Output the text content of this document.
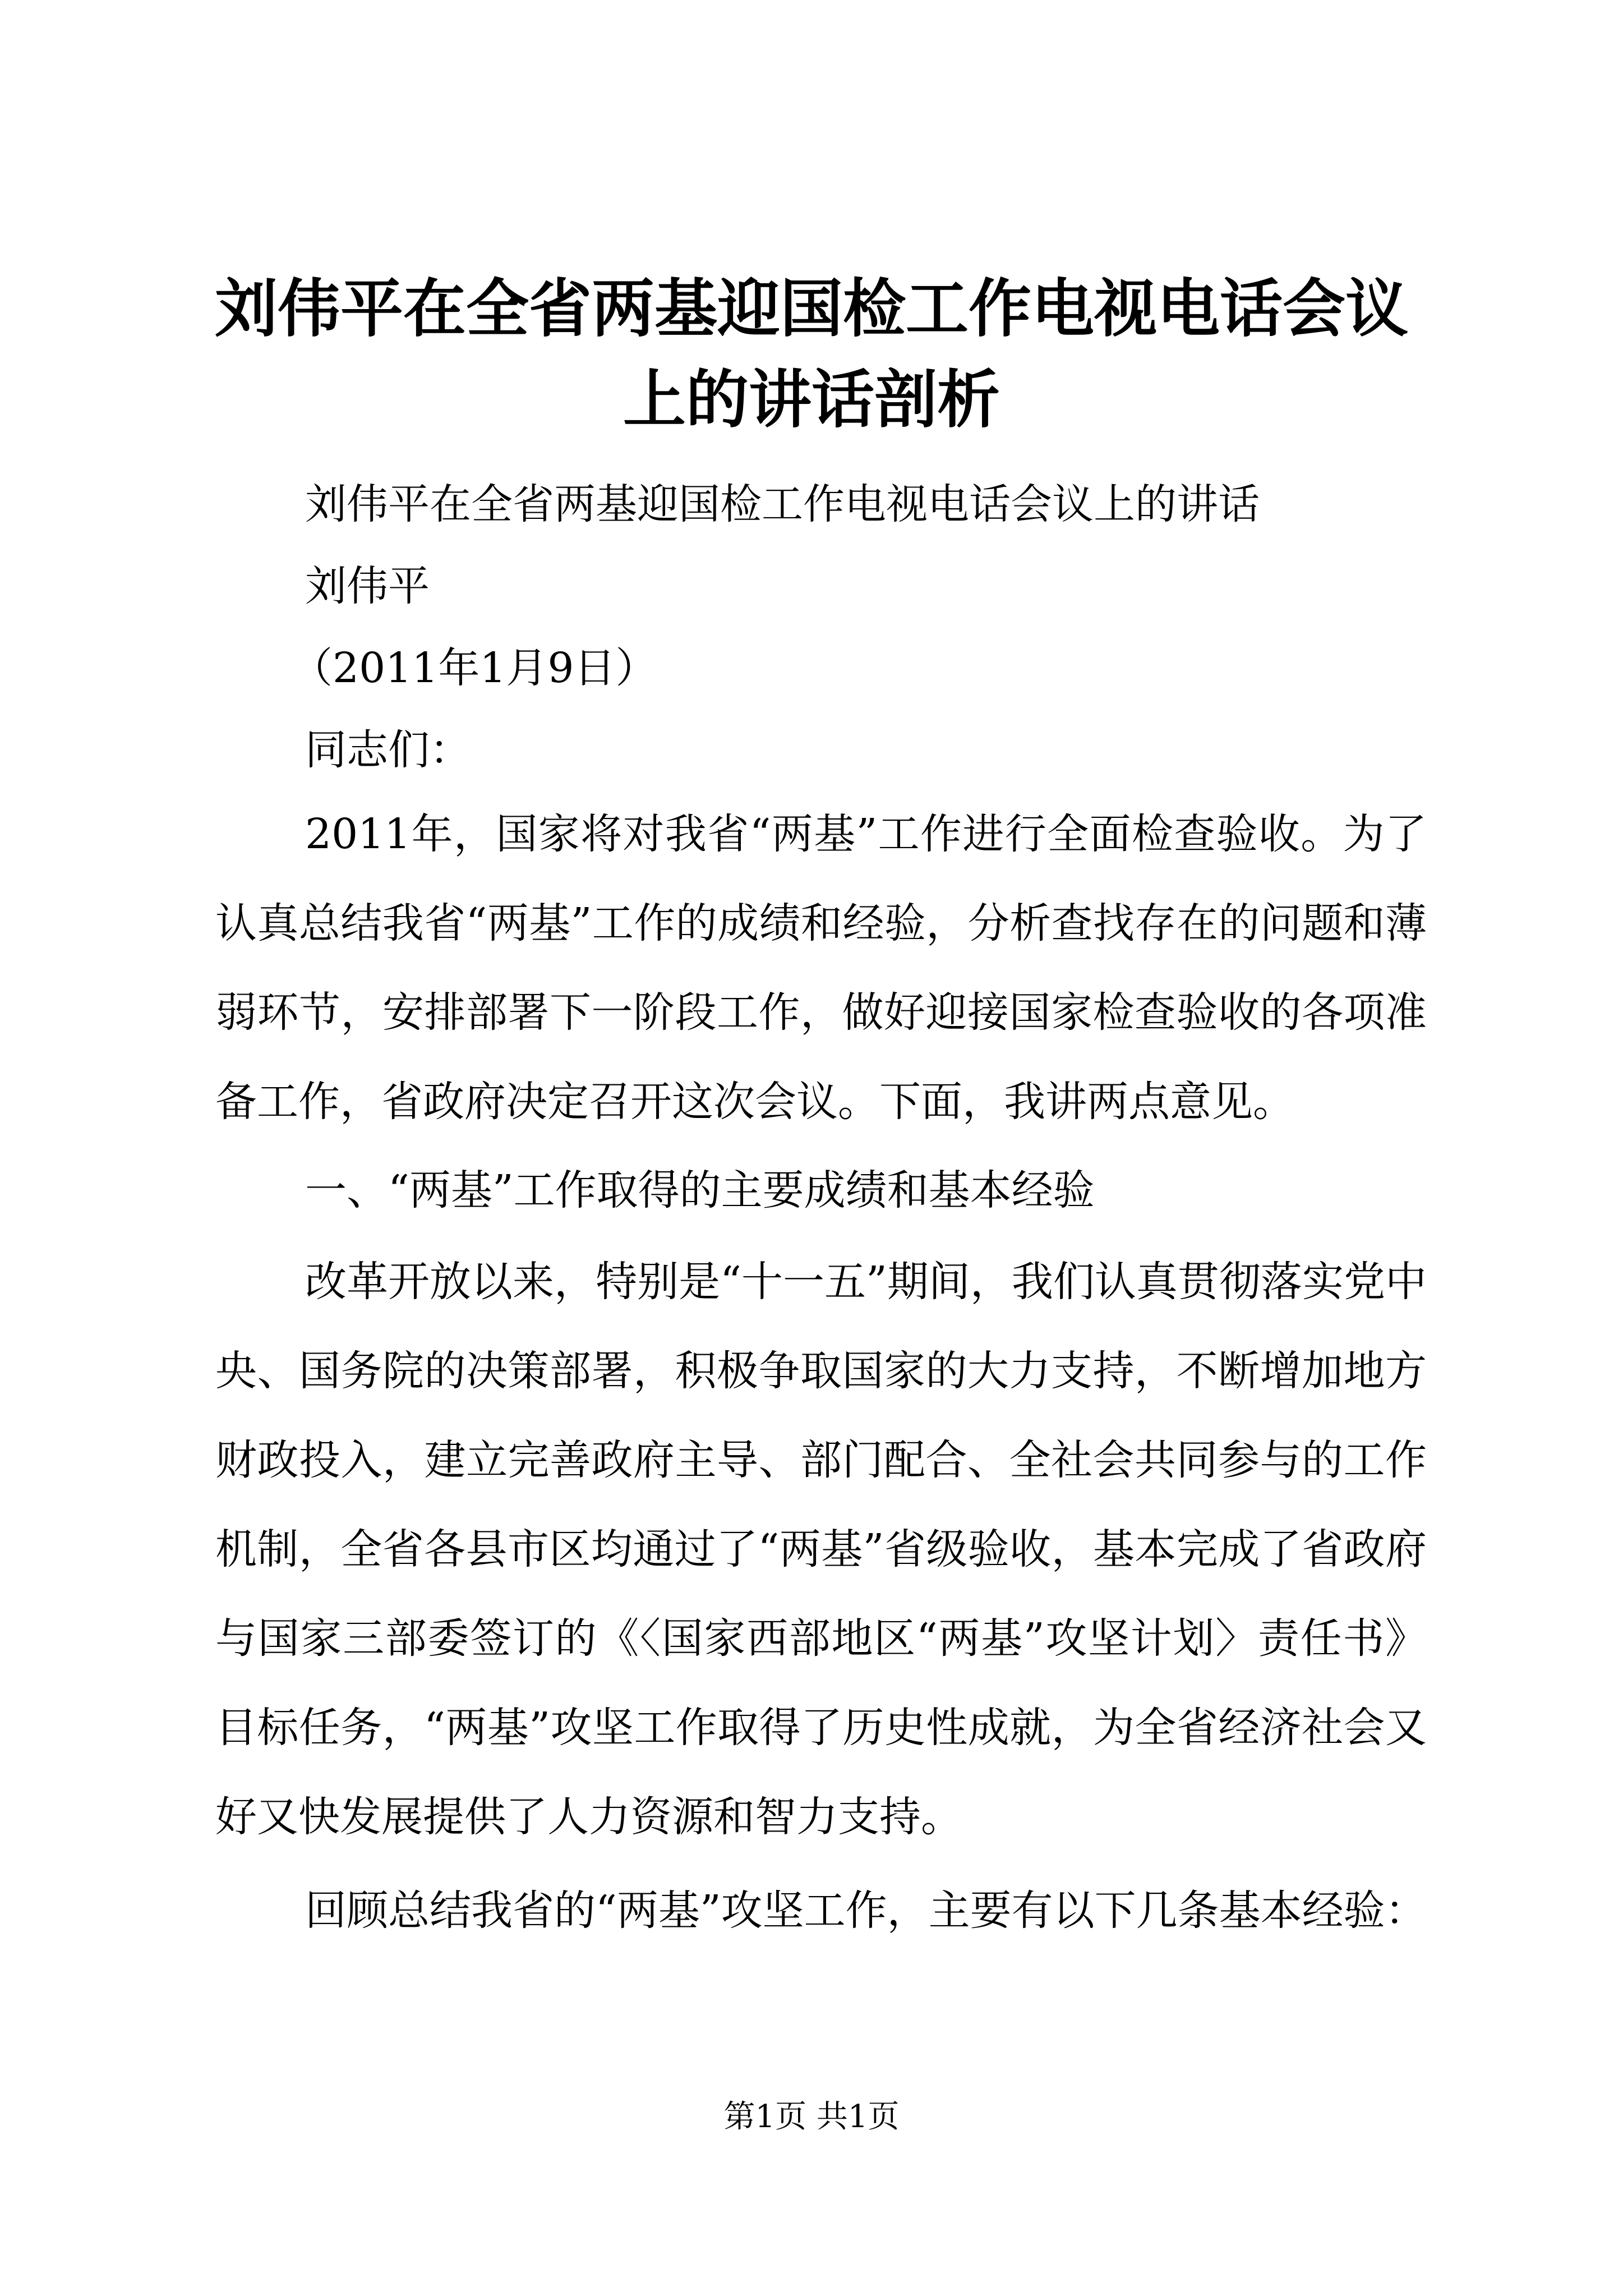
刘伟平在全省两基迎国检工作电视电话会议上的讲话剖析

刘伟平在全省两基迎国检工作电视电话会议上的讲话

刘伟平

（2011年1月9日）

同志们：

2011年，国家将对我省“两基”工作进行全面检查验收。为了认真总结我省“两基”工作的成绩和经验，分析查找存在的问题和薄弱环节，安排部署下一阶段工作，做好迎接国家检查验收的各项准备工作，省政府决定召开这次会议。下面，我讲两点意见。

一、“两基”工作取得的主要成绩和基本经验

改革开放以来，特别是“十一五”期间，我们认真贯彻落实党中央、国务院的决策部署，积极争取国家的大力支持，不断增加地方财政投入，建立完善政府主导、部门配合、全社会共同参与的工作机制，全省各县市区均通过了“两基”省级验收，基本完成了省政府与国家三部委签订的《〈国家西部地区“两基”攻坚计划〉责任书》目标任务，“两基”攻坚工作取得了历史性成就，为全省经济社会又好又快发展提供了人力资源和智力支持。

回顾总结我省的“两基”攻坚工作，主要有以下几条基本经验：

第1页 共1页
